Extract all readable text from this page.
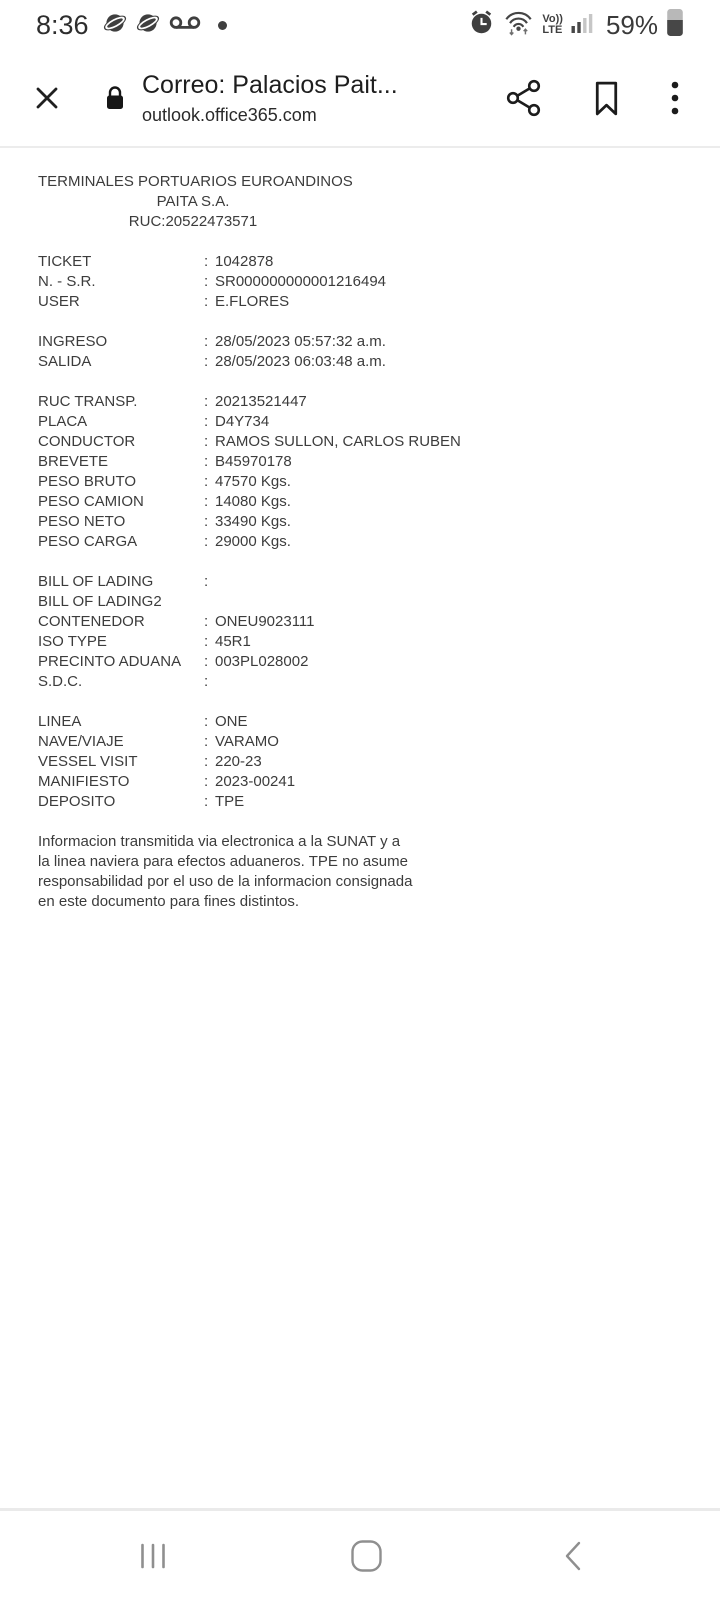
8:36	Vo))
LTE 59%
Correo: Palacios Pait...
outlook.office365.com
TERMINALES PORTUARIOS EUROANDINOS
PAITA S.A.
RUC:20522473571
TICKET	: 1042878
N. - S.R.	: SR000000000001216494
USER	: E.FLORES
INGRESO	: 28/05/2023 05:57:32 a.m.
SALIDA	: 28/05/2023 06:03:48 a.m.
RUC TRANSP.	: 20213521447
PLACA	: D4Y734
CONDUCTOR	: RAMOS SULLON, CARLOS RUBEN
BREVETE	: B45970178
PESO BRUTO	: 47570 Kgs.
PESO CAMION	: 14080 Kgs.
PESO NETO	: 33490 Kgs.
PESO CARGA	: 29000 Kgs.
BILL OF LADING	:
BILL OF LADING2
CONTENEDOR	: ONEU9023111
ISO TYPE	: 45R1
PRECINTO ADUANA	: 003PL028002
S.D.C.	:
LINEA	: ONE
NAVE/VIAJE	: VARAMO
VESSEL VISIT	: 220-23
MANIFIESTO	: 2023-00241
DEPOSITO	: TPE
Informacion transmitida via electronica a la SUNAT y a
la linea naviera para efectos aduaneros. TPE no asume
responsabilidad por el uso de la informacion consignada
en este documento para fines distintos.
